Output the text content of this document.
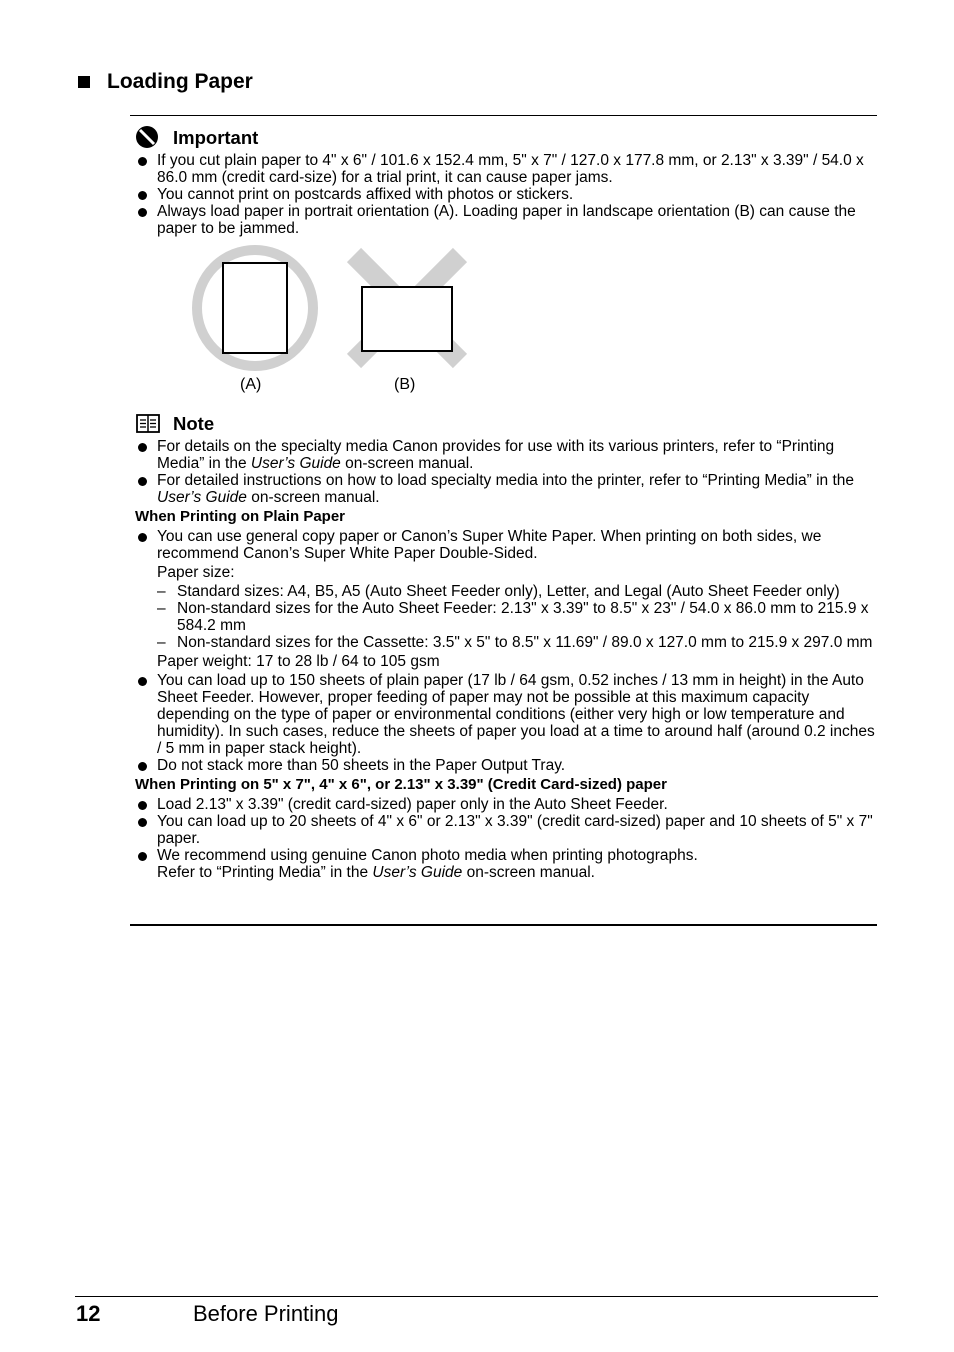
Loading Paper
Important
If you cut plain paper to 4" x 6" / 101.6 x 152.4 mm, 5" x 7" / 127.0 x 177.8 mm, or 2.13" x 3.39" / 54.0 x 86.0 mm (credit card-size) for a trial print, it can cause paper jams.
You cannot print on postcards affixed with photos or stickers.
Always load paper in portrait orientation (A). Loading paper in landscape orientation (B) can cause the paper to be jammed.
(A)	(B)
Note
For details on the specialty media Canon provides for use with its various printers, refer to “Printing Media” in the User’s Guide on-screen manual.
For detailed instructions on how to load specialty media into the printer, refer to “Printing Media” in the User’s Guide on-screen manual.
When Printing on Plain Paper
You can use general copy paper or Canon’s Super White Paper. When printing on both sides, we recommend Canon’s Super White Paper Double-Sided.
Paper size:
– Standard sizes: A4, B5, A5 (Auto Sheet Feeder only), Letter, and Legal (Auto Sheet Feeder only)
– Non-standard sizes for the Auto Sheet Feeder: 2.13" x 3.39" to 8.5" x 23" / 54.0 x 86.0 mm to 215.9 x 584.2 mm
– Non-standard sizes for the Cassette: 3.5" x 5" to 8.5" x 11.69" / 89.0 x 127.0 mm to 215.9 x 297.0 mm
Paper weight: 17 to 28 lb / 64 to 105 gsm
You can load up to 150 sheets of plain paper (17 lb / 64 gsm, 0.52 inches / 13 mm in height) in the Auto Sheet Feeder. However, proper feeding of paper may not be possible at this maximum capacity depending on the type of paper or environmental conditions (either very high or low temperature and humidity). In such cases, reduce the sheets of paper you load at a time to around half (around 0.2 inches / 5 mm in paper stack height).
Do not stack more than 50 sheets in the Paper Output Tray.
When Printing on 5" x 7", 4" x 6", or 2.13" x 3.39" (Credit Card-sized) paper
Load 2.13" x 3.39" (credit card-sized) paper only in the Auto Sheet Feeder.
You can load up to 20 sheets of 4" x 6" or 2.13" x 3.39" (credit card-sized) paper and 10 sheets of 5" x 7" paper.
We recommend using genuine Canon photo media when printing photographs.
Refer to “Printing Media” in the User’s Guide on-screen manual.
12	Before Printing
